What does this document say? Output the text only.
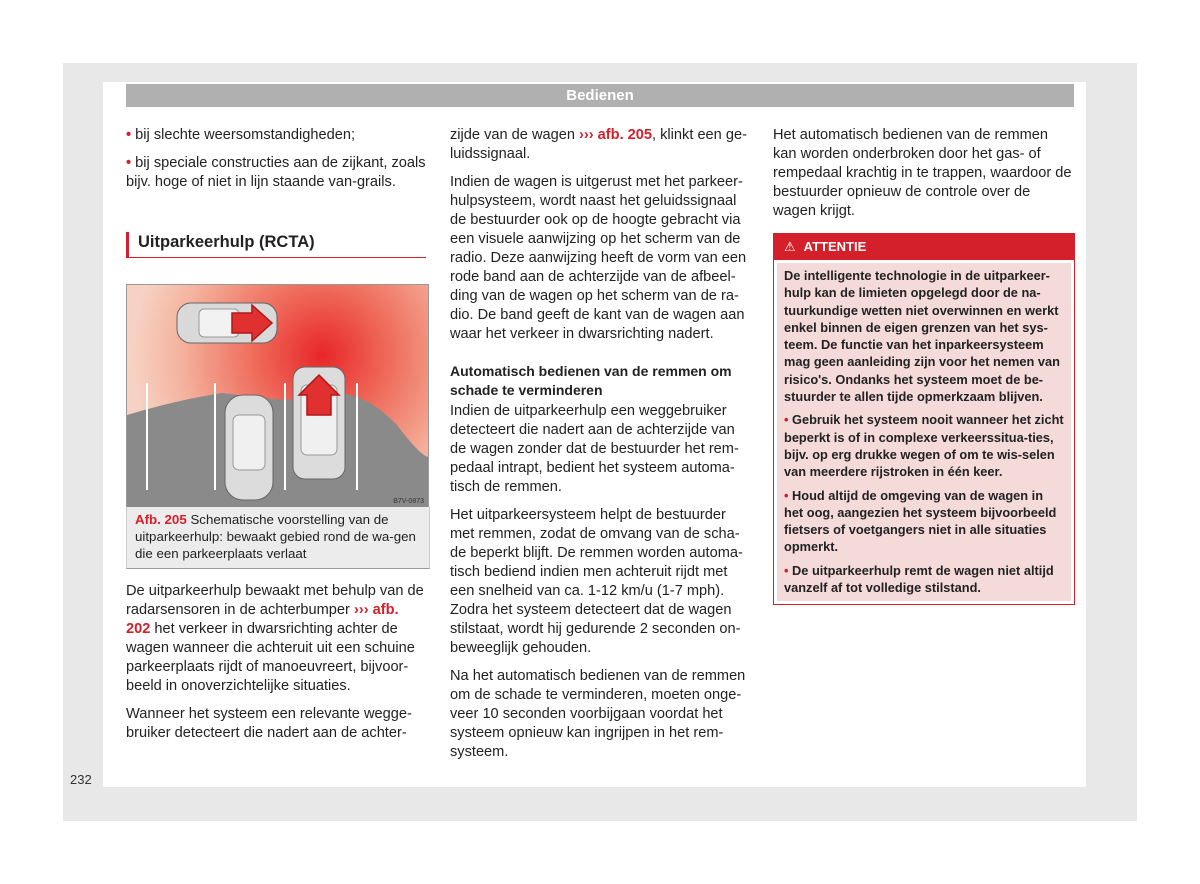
Bedienen

• bij slechte weersomstandigheden;

• bij speciale constructies aan de zijkant, zoals bijv. hoge of niet in lijn staande van-grails.

Uitparkeerhulp (RCTA)
B7V-0873
Afb. 205 Schematische voorstelling van de uitparkeerhulp: bewaakt gebied rond de wa-gen die een parkeerplaats verlaat

De uitparkeerhulp bewaakt met behulp van de radarsensoren in de achterbumper ››› afb. 202 het verkeer in dwarsrichting achter de wagen wanneer die achteruit uit een schuine parkeerplaats rijdt of manoeuvreert, bijvoor-beeld in onoverzichtelijke situaties.

Wanneer het systeem een relevante wegge-bruiker detecteert die nadert aan de achter-

zijde van de wagen ››› afb. 205, klinkt een ge-luidssignaal.

Indien de wagen is uitgerust met het parkeer-hulpsysteem, wordt naast het geluidssignaal de bestuurder ook op de hoogte gebracht via een visuele aanwijzing op het scherm van de radio. Deze aanwijzing heeft de vorm van een rode band aan de achterzijde van de afbeel-ding van de wagen op het scherm van de ra-dio. De band geeft de kant van de wagen aan waar het verkeer in dwarsrichting nadert.

Automatisch bedienen van de remmen om schade te verminderen

Indien de uitparkeerhulp een weggebruiker detecteert die nadert aan de achterzijde van de wagen zonder dat de bestuurder het rem-pedaal intrapt, bedient het systeem automa-tisch de remmen.

Het uitparkeersysteem helpt de bestuurder met remmen, zodat de omvang van de scha-de beperkt blijft. De remmen worden automa-tisch bediend indien men achteruit rijdt met een snelheid van ca. 1-12 km/u (1-7 mph). Zodra het systeem detecteert dat de wagen stilstaat, wordt hij gedurende 2 seconden on-beweeglijk gehouden.

Na het automatisch bedienen van de remmen om de schade te verminderen, moeten onge-veer 10 seconden voorbijgaan voordat het systeem opnieuw kan ingrijpen in het rem-systeem.

Het automatisch bedienen van de remmen kan worden onderbroken door het gas- of rempedaal krachtig in te trappen, waardoor de bestuurder opnieuw de controle over de wagen krijgt.

⚠ ATTENTIE

De intelligente technologie in de uitparkeer-hulp kan de limieten opgelegd door de na-tuurkundige wetten niet overwinnen en werkt enkel binnen de eigen grenzen van het sys-teem. De functie van het inparkeersysteem mag geen aanleiding zijn voor het nemen van risico's. Ondanks het systeem moet de be-stuurder te allen tijde opmerkzaam blijven.

• Gebruik het systeem nooit wanneer het zicht beperkt is of in complexe verkeerssitua-ties, bijv. op erg drukke wegen of om te wis-selen van meerdere rijstroken in één keer.

• Houd altijd de omgeving van de wagen in het oog, aangezien het systeem bijvoorbeeld fietsers of voetgangers niet in alle situaties opmerkt.

• De uitparkeerhulp remt de wagen niet altijd vanzelf af tot volledige stilstand.

232
